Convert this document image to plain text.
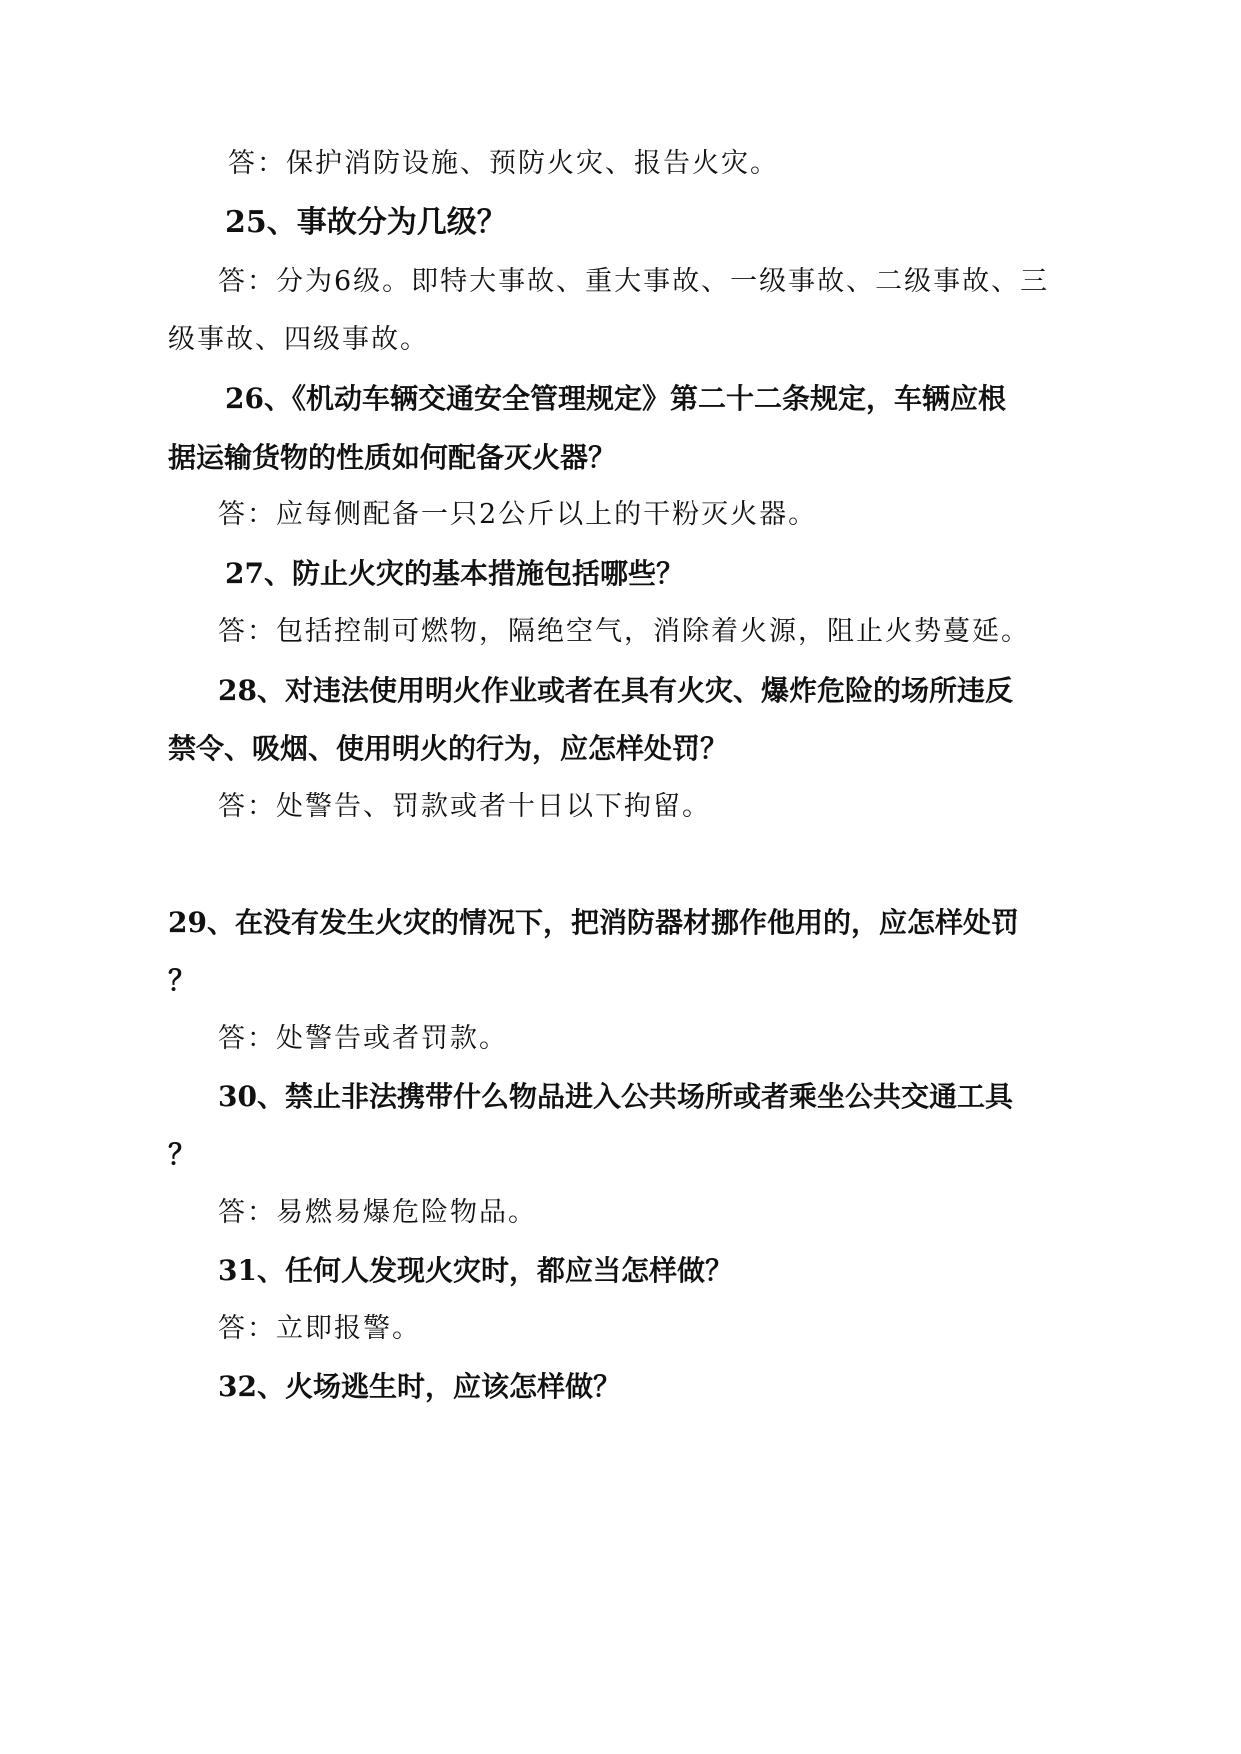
答：保护消防设施、预防火灾、报告火灾。

25、事故分为几级？

答：分为6级。即特大事故、重大事故、一级事故、二级事故、三

级事故、四级事故。

26、《机动车辆交通安全管理规定》第二十二条规定，车辆应根

据运输货物的性质如何配备灭火器？

答：应每侧配备一只2公斤以上的干粉灭火器。

27、防止火灾的基本措施包括哪些？

答：包括控制可燃物，隔绝空气，消除着火源，阻止火势蔓延。

28、对违法使用明火作业或者在具有火灾、爆炸危险的场所违反

禁令、吸烟、使用明火的行为，应怎样处罚？

答：处警告、罚款或者十日以下拘留。

29、在没有发生火灾的情况下，把消防器材挪作他用的，应怎样处罚

？

答：处警告或者罚款。

30、禁止非法携带什么物品进入公共场所或者乘坐公共交通工具

？

答：易燃易爆危险物品。

31、任何人发现火灾时，都应当怎样做？

答：立即报警。

32、火场逃生时，应该怎样做？
